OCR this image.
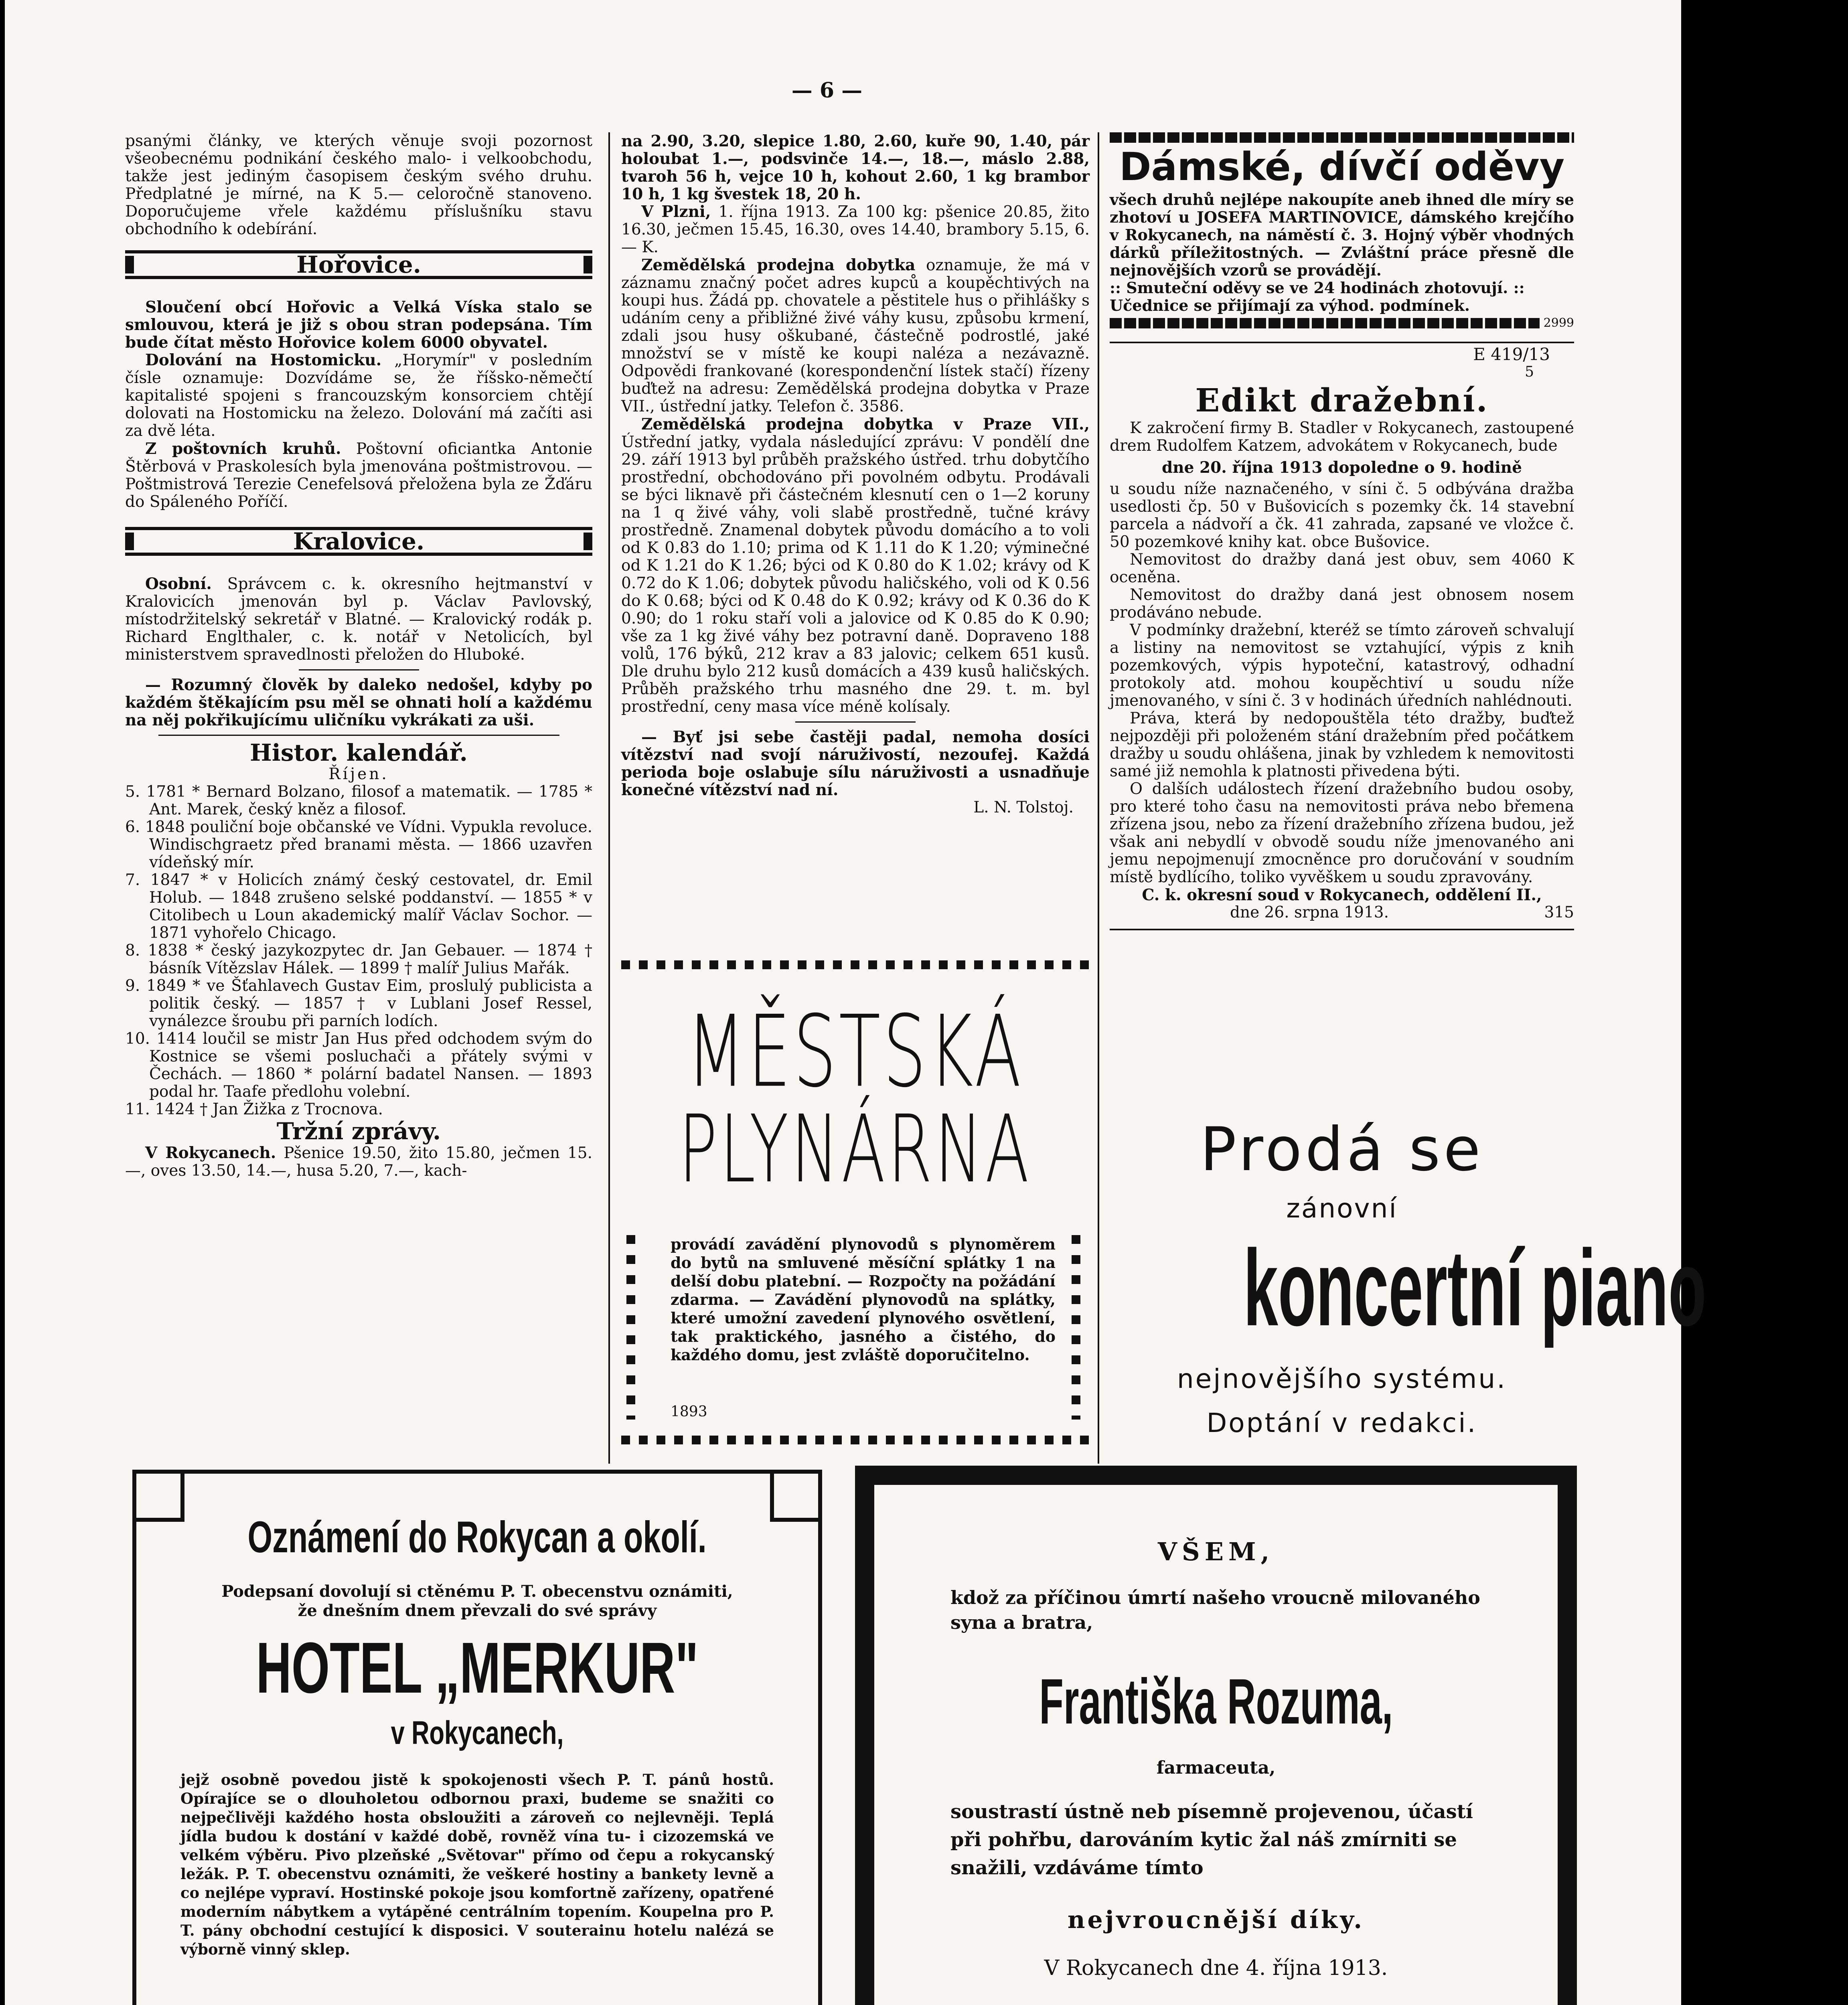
— 6 —

psanými články, ve kterých věnuje svoji pozornost všeobecnému podnikání českého malo- i velkoobchodu, takže jest jediným časopisem českým svého druhu. Předplatné je mírné, na K 5.— celoročně stanoveno. Doporučujeme vřele každému příslušníku stavu obchodního k odebírání.

Hořovice.

Sloučení obcí Hořovic a Velká Víska stalo se smlouvou, která je již s obou stran podepsána. Tím bude čítat město Hořovice kolem 6000 obyvatel.

Dolování na Hostomicku. „Horymír" v posledním čísle oznamuje: Dozvídáme se, že říšsko-němečtí kapitalisté spojeni s francouzským konsorciem chtějí dolovati na Hostomicku na železo. Dolování má začíti asi za dvě léta.

Z poštovních kruhů. Poštovní oficiantka Antonie Štěrbová v Praskolesích byla jmenována poštmistrovou. — Poštmistrová Terezie Cenefelsová přeložena byla ze Žďáru do Spáleného Poříčí.

Kralovice.

Osobní. Správcem c. k. okresního hejtmanství v Kralovicích jmenován byl p. Václav Pavlovský, místodržitelský sekretář v Blatné. — Kralovický rodák p. Richard Englthaler, c. k. notář v Netolicích, byl ministerstvem spravedlnosti přeložen do Hluboké.

— Rozumný člověk by daleko nedošel, kdyby po každém štěkajícím psu měl se ohnati holí a každému na něj pokřikujícímu uličníku vykrákati za uši.

Histor. kalendář.
Říjen.

5. 1781 * Bernard Bolzano, filosof a matematik. — 1785 * Ant. Marek, český kněz a filosof.

6. 1848 pouliční boje občanské ve Vídni. Vypukla revoluce. Windischgraetz před branami města. — 1866 uzavřen vídeňský mír.

7. 1847 * v Holicích známý český cestovatel, dr. Emil Holub. — 1848 zrušeno selské poddanství. — 1855 * v Citolibech u Loun akademický malíř Václav Sochor. — 1871 vyhořelo Chicago.

8. 1838 * český jazykozpytec dr. Jan Gebauer. — 1874 † básník Vítězslav Hálek. — 1899 † malíř Julius Mařák.

9. 1849 * ve Šťahlavech Gustav Eim, proslulý publicista a politik český. — 1857 † v Lublani Josef Ressel, vynálezce šroubu při parních lodích.

10. 1414 loučil se mistr Jan Hus před odchodem svým do Kostnice se všemi posluchači a přátely svými v Čechách. — 1860 * polární badatel Nansen. — 1893 podal hr. Taafe předlohu volební.

11. 1424 † Jan Žižka z Trocnova.

Tržní zprávy.

V Rokycanech. Pšenice 19.50, žito 15.80, ječmen 15.—, oves 13.50, 14.—, husa 5.20, 7.—, kach-

na 2.90, 3.20, slepice 1.80, 2.60, kuře 90, 1.40, pár holoubat 1.—, podsvinče 14.—, 18.—, máslo 2.88, tvaroh 56 h, vejce 10 h, kohout 2.60, 1 kg brambor 10 h, 1 kg švestek 18, 20 h.

V Plzni, 1. října 1913. Za 100 kg: pšenice 20.85, žito 16.30, ječmen 15.45, 16.30, oves 14.40, brambory 5.15, 6.— K.

Zemědělská prodejna dobytka oznamuje, že má v záznamu značný počet adres kupců a koupěchtivých na koupi hus. Žádá pp. chovatele a pěstitele hus o přihlášky s udáním ceny a přibližné živé váhy kusu, způsobu krmení, zdali jsou husy oškubané, částečně podrostlé, jaké množství se v místě ke koupi naléza a nezávazně. Odpovědi frankované (korespondenční lístek stačí) řízeny buďtež na adresu: Zemědělská prodejna dobytka v Praze VII., ústřední jatky. Telefon č. 3586.

Zemědělská prodejna dobytka v Praze VII., Ústřední jatky, vydala následující zprávu: V pondělí dne 29. září 1913 byl průběh pražského ústřed. trhu dobytčího prostřední, obchodováno při povolném odbytu. Prodávali se býci liknavě při částečném klesnutí cen o 1—2 koruny na 1 q živé váhy, voli slabě prostředně, tučné krávy prostředně. Znamenal dobytek původu domácího a to voli od K 0.83 do 1.10; prima od K 1.11 do K 1.20; výminečné od K 1.21 do K 1.26; býci od K 0.80 do K 1.02; krávy od K 0.72 do K 1.06; dobytek původu haličského, voli od K 0.56 do K 0.68; býci od K 0.48 do K 0.92; krávy od K 0.36 do K 0.90; do 1 roku staří voli a jalovice od K 0.85 do K 0.90; vše za 1 kg živé váhy bez potravní daně. Dopraveno 188 volů, 176 býků, 212 krav a 83 jalovic; celkem 651 kusů. Dle druhu bylo 212 kusů domácích a 439 kusů haličských. Průběh pražského trhu masného dne 29. t. m. byl prostřední, ceny masa více méně kolísaly.

— Byť jsi sebe častěji padal, nemoha dosíci vítězství nad svojí náruživostí, nezoufej. Každá perioda boje oslabuje sílu náruživosti a usnadňuje konečné vítězství nad ní.

L. N. Tolstoj.

MĚSTSKÁ
PLYNÁRNA
provádí zavádění plynovodů s plynoměrem do bytů na smluvené měsíční splátky 1 na delší dobu platební. — Rozpočty na požádání zdarma. — Zavádění plynovodů na splátky, které umožní zavedení plynového osvětlení, tak praktického, jasného a čistého, do každého domu, jest zvláště doporučitelno.
1893
Dámské, dívčí oděvy

všech druhů nejlépe nakoupíte aneb ihned dle míry se zhotoví u JOSEFA MARTINOVICE, dámského krejčího v Rokycanech, na náměstí č. 3. Hojný výběr vhodných dárků příležitostných. — Zvláštní práce přesně dle nejnovějších vzorů se provádějí.

:: Smuteční oděvy se ve 24 hodinách zhotovují. ::

Učednice se přijímají za výhod. podmínek.

2999

E 419/13

5

Edikt dražební.

K zakročení firmy B. Stadler v Rokycanech, zastoupené drem Rudolfem Katzem, advokátem v Rokycanech, bude

dne 20. října 1913 dopoledne o 9. hodině

u soudu níže naznačeného, v síni č. 5 odbývána dražba usedlosti čp. 50 v Bušovicích s pozemky čk. 14 stavební parcela a nádvoří a čk. 41 zahrada, zapsané ve vložce č. 50 pozemkové knihy kat. obce Bušovice.

Nemovitost do dražby daná jest obuv, sem 4060 K oceněna.

Nemovitost do dražby daná jest obnosem nosem prodáváno nebude.

V podmínky dražební, kteréž se tímto zároveň schvalují a listiny na nemovitost se vztahující, výpis z knih pozemkových, výpis hypoteční, katastrový, odhadní protokoly atd. mohou koupěchtiví u soudu níže jmenovaného, v síni č. 3 v hodinách úředních nahlédnouti.

Práva, která by nedopouštěla této dražby, buďtež nejpozději při položeném stání dražebním před počátkem dražby u soudu ohlášena, jinak by vzhledem k nemovitosti samé již nemohla k platnosti přivedena býti.

O dalších událostech řízení dražebního budou osoby, pro které toho času na nemovitosti práva nebo břemena zřízena jsou, nebo za řízení dražebního zřízena budou, jež však ani nebydlí v obvodě soudu níže jmenovaného ani jemu nepojmenují zmocněnce pro doručování v soudním místě bydlícího, toliko vyvěškem u soudu zpravovány.

C. k. okresní soud v Rokycanech, oddělení II.,

dne 26. srpna 1913.	315

Prodá se
zánovní
koncertní piano
nejnovějšího systému.
Doptání v redakci.
Oznámení do Rokycan a okolí.
Podepsaní dovolují si ctěnému P. T. obecenstvu oznámiti, že dnešním dnem převzali do své správy
HOTEL „MERKUR"
v Rokycanech,
jejž osobně povedou jistě k spokojenosti všech P. T. pánů hostů. Opírajíce se o dlouholetou odbornou praxi, budeme se snažiti co nejpečlivěji každého hosta obsloužiti a zároveň co nejlevněji. Teplá jídla budou k dostání v každé době, rovněž vína tu- i cizozemská ve velkém výběru. Pivo plzeňské „Světovar" přímo od čepu a rokycanský ležák. P. T. obecenstvu oznámiti, že veškeré hostiny a bankety levně a co nejlépe vypraví. Hostinské pokoje jsou komfortně zařízeny, opatřené moderním nábytkem a vytápěné centrálním topením. Koupelna pro P. T. pány obchodní cestující k disposici. V souterainu hotelu nalézá se výborně vinný sklep.
VŠEM,
kdož za příčinou úmrtí našeho vroucně milovaného syna a bratra,
Františka Rozuma,
farmaceuta,
soustrastí ústně neb písemně projevenou, účastí při pohřbu, darováním kytic žal náš zmírniti se snažili, vzdáváme tímto
nejvroucnější díky.
V Rokycanech dne 4. října 1913.
